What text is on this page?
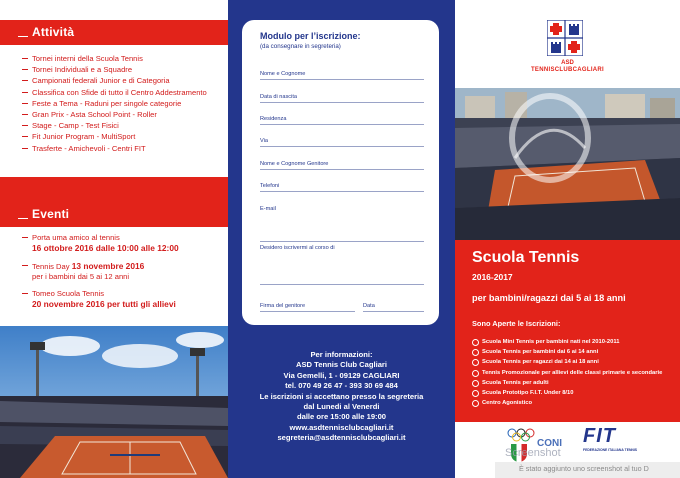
Attività
Tornei interni della Scuola Tennis
Tornei Individuali e a Squadre
Campionati federali Junior e di Categoria
Classifica con Sfide di tutto il Centro Addestramento
Feste a Tema - Raduni per singole categorie
Gran Prix - Asta School Point - Roller
Stage - Camp - Test Fisici
Fit Junior Program - MultiSport
Trasferte - Amichevoli - Centri FIT
Eventi
Porta uma amico al tennis
16 ottobre 2016 dalle 10:00 alle 12:00
Tennis Day 13 novembre 2016
per i bambini dai 5 ai 12 anni
Tomeo Scuola Tennis
20 novembre 2016 per tutti gli allievi
Modulo per l’iscrizione:
(da consegnare in segreteria)
Nome e Cognome
Data di nascita
Residenza
Via
Nome e Cognome Genitore
Telefoni
E-mail
Desidero iscrivermi al corso di
Firma del genitore	Data
Per informazioni:
ASD Tennis Club Cagliari
Via Gemelli, 1 - 09129 CAGLIARI
tel. 070 49 26 47 - 393 30 69 484
Le iscrizioni si accettano presso la segreteria
dal Lunedi al Venerdi
dalle ore 15:00 alle 19:00
www.asdtennisclubcagliari.it
segreteria@asdtennisclubcagliari.it
ASD
TENNISCLUBCAGLIARI
Scuola Tennis
2016-2017
per bambini/ragazzi dai 5 ai 18 anni
Sono Aperte le Iscrizioni:
Scuola Mini Tennis per bambini nati nel 2010-2011
Scuola Tennis per bambini dai 6 ai 14 anni
Scuola Tennis per ragazzi dai 14 ai 18 anni
Tennis Promozionale per allievi delle classi primarie e secondarie
Scuola Tennis per adulti
Scuola Prototipo F.I.T. Under 8/10
Centro Agonistico
CONI FIT
FEDERAZIONE ITALIANA TENNIS
Screenshot
È stato aggiunto uno screenshot al tuo D
